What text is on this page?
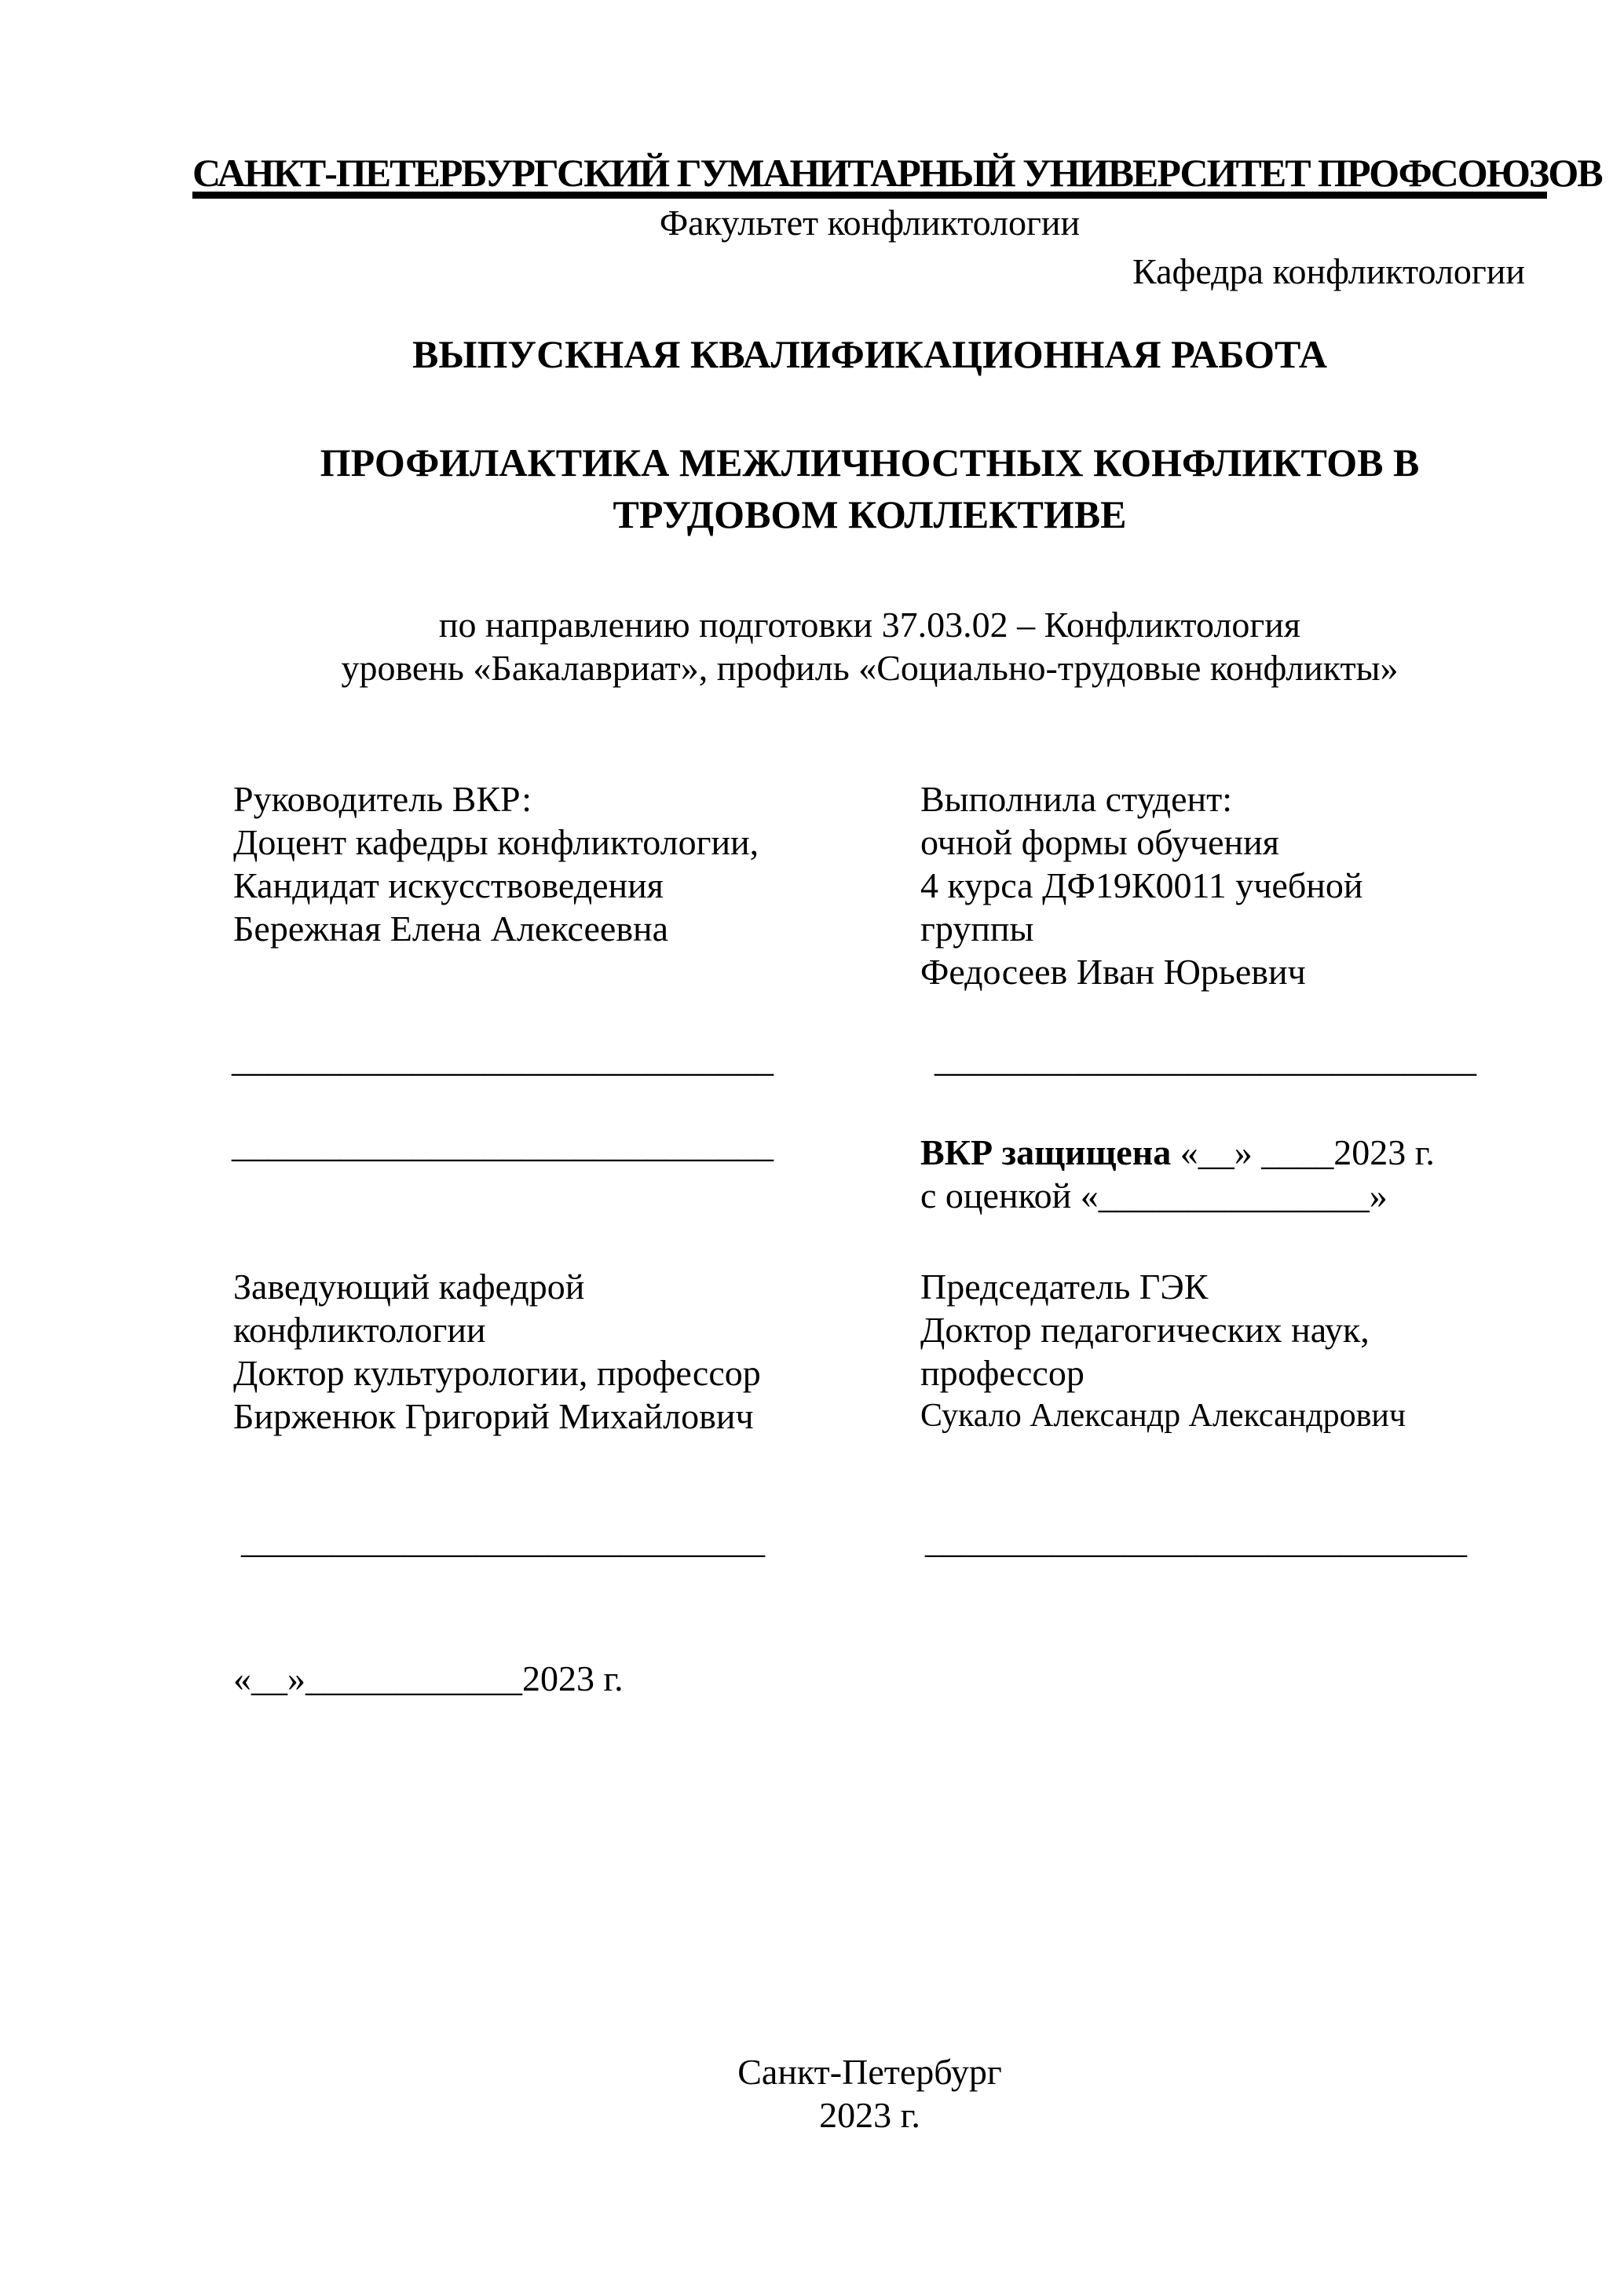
САНКТ-ПЕТЕРБУРГСКИЙ ГУМАНИТАРНЫЙ УНИВЕРСИТЕТ ПРОФСОЮЗОВ
Факультет конфликтологии
Кафедра конфликтологии
ВЫПУСКНАЯ КВАЛИФИКАЦИОННАЯ РАБОТА
ПРОФИЛАКТИКА МЕЖЛИЧНОСТНЫХ КОНФЛИКТОВ В
ТРУДОВОМ КОЛЛЕКТИВЕ
по направлению подготовки 37.03.02 – Конфликтология
уровень «Бакалавриат», профиль «Социально-трудовые конфликты»
Руководитель ВКР:
Доцент кафедры конфликтологии,
Кандидат искусствоведения
Бережная Елена Алексеевна
Выполнила студент:
очной формы обучения
4 курса ДФ19К0011 учебной
группы
Федосеев Иван Юрьевич
______________________________	______________________________
______________________________	ВКР защищена «__» ____2023 г.
с оценкой «_______________»
Заведующий кафедрой
конфликтологии
Доктор культурологии, профессор
Бирженюк Григорий Михайлович
Председатель ГЭК
Доктор педагогических наук,
профессор
Сукало Александр Александрович
_____________________________	______________________________
«__»____________2023 г.
Санкт-Петербург
2023 г.
